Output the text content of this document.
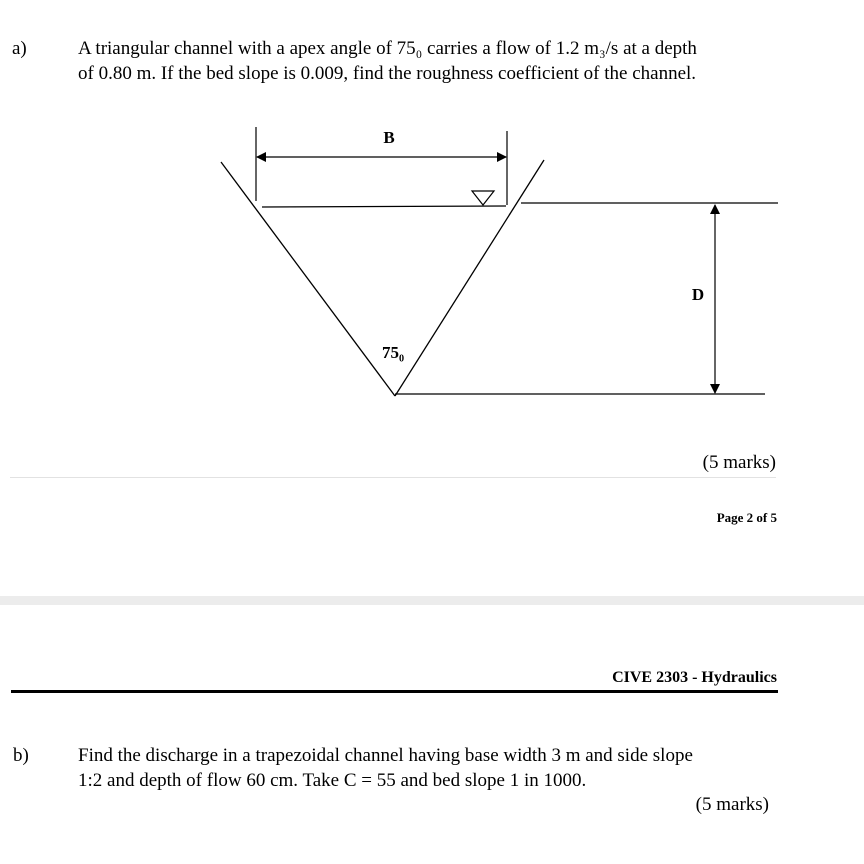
a)	A triangular channel with a apex angle of 75₀ carries a flow of 1.2 m₃/s at a depth
of 0.80 m. If the bed slope is 0.009, find the roughness coefficient of the channel.
B
D
75₀
(5 marks)
Page 2 of 5
CIVE 2303 - Hydraulics
b)	Find the discharge in a trapezoidal channel having base width 3 m and side slope
1:2 and depth of flow 60 cm. Take C = 55 and bed slope 1 in 1000.
(5 marks)
